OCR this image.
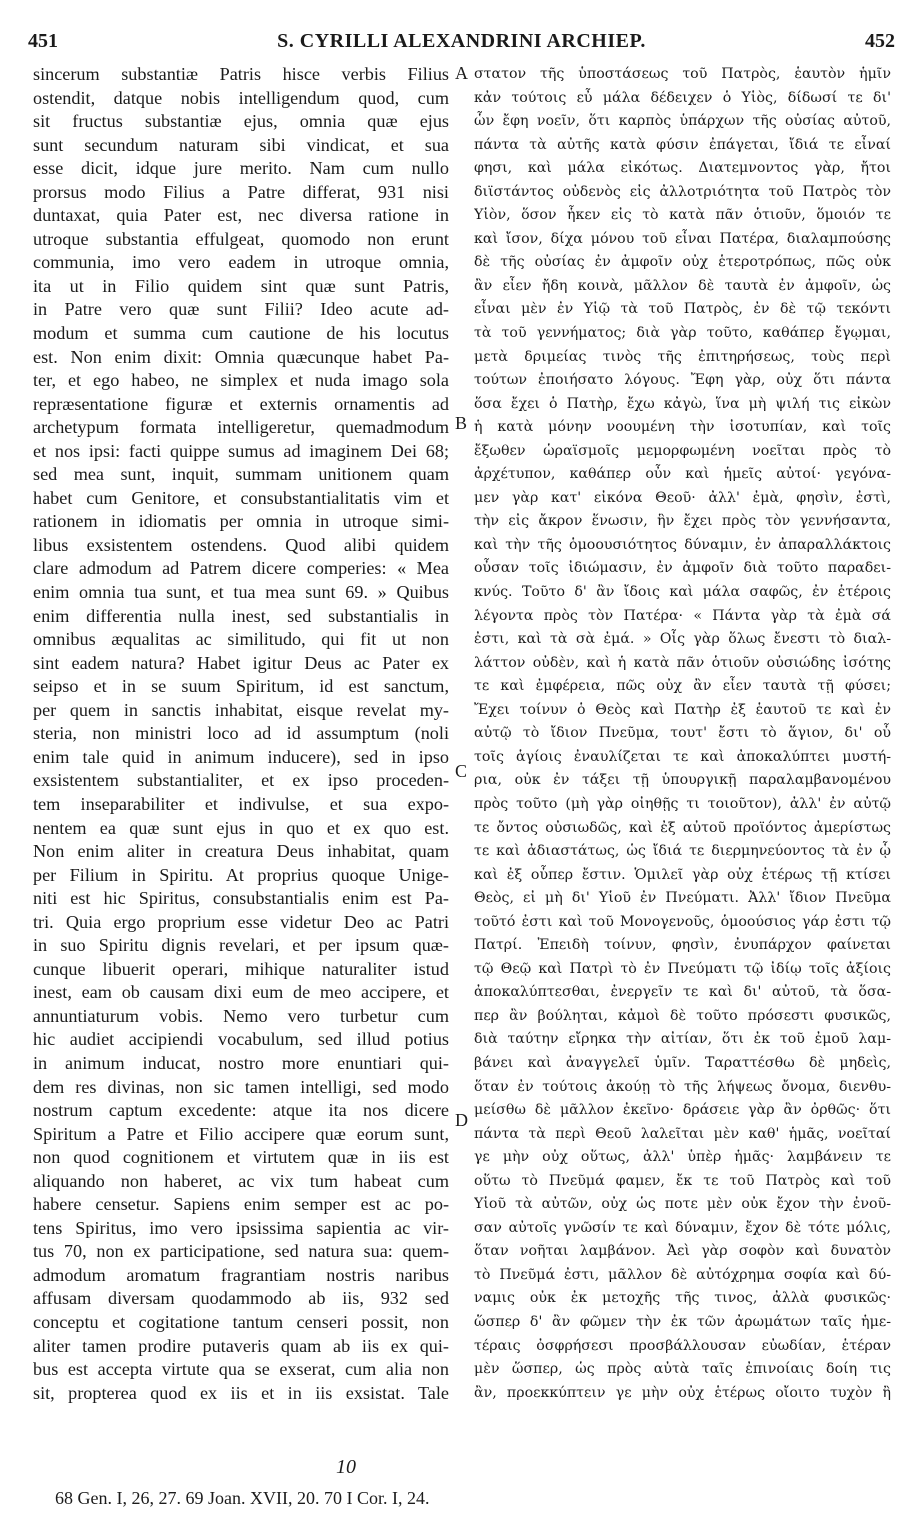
451	S. CYRILLI ALEXANDRINI ARCHIEP.	452
sincerum substantiæ Patris hisce verbis Filius
ostendit, datque nobis intelligendum quod, cum
sit fructus substantiæ ejus, omnia quæ ejus
sunt secundum naturam sibi vindicat, et sua
esse dicit, idque jure merito. Nam cum nullo
prorsus modo Filius a Patre differat, 931 nisi
duntaxat, quia Pater est, nec diversa ratione in
utroque substantia effulgeat, quomodo non erunt
communia, imo vero eadem in utroque omnia,
ita ut in Filio quidem sint quæ sunt Patris,
in Patre vero quæ sunt Filii? Ideo acute ad-
modum et summa cum cautione de his locutus
est. Non enim dixit: Omnia quæcunque habet Pa-
ter, et ego habeo, ne simplex et nuda imago sola
repræsentatione figuræ et externis ornamentis ad
archetypum formata intelligeretur, quemadmodum
et nos ipsi: facti quippe sumus ad imaginem Dei 68;
sed mea sunt, inquit, summam unitionem quam
habet cum Genitore, et consubstantialitatis vim et
rationem in idiomatis per omnia in utroque simi-
libus exsistentem ostendens. Quod alibi quidem
clare admodum ad Patrem dicere comperies: « Mea
enim omnia tua sunt, et tua mea sunt 69. » Quibus
enim differentia nulla inest, sed substantialis in
omnibus æqualitas ac similitudo, qui fit ut non
sint eadem natura? Habet igitur Deus ac Pater ex
seipso et in se suum Spiritum, id est sanctum,
per quem in sanctis inhabitat, eisque revelat my-
steria, non ministri loco ad id assumptum (noli
enim tale quid in animum inducere), sed in ipso
exsistentem substantialiter, et ex ipso proceden-
tem inseparabiliter et indivulse, et sua expo-
nentem ea quæ sunt ejus in quo et ex quo est.
Non enim aliter in creatura Deus inhabitat, quam
per Filium in Spiritu. At proprius quoque Unige-
niti est hic Spiritus, consubstantialis enim est Pa-
tri. Quia ergo proprium esse videtur Deo ac Patri
in suo Spiritu dignis revelari, et per ipsum quæ-
cunque libuerit operari, mihique naturaliter istud
inest, eam ob causam dixi eum de meo accipere, et
annuntiaturum vobis. Nemo vero turbetur cum
hic audiet accipiendi vocabulum, sed illud potius
in animum inducat, nostro more enuntiari qui-
dem res divinas, non sic tamen intelligi, sed modo
nostrum captum excedente: atque ita nos dicere
Spiritum a Patre et Filio accipere quæ eorum sunt,
non quod cognitionem et virtutem quæ in iis est
aliquando non haberet, ac vix tum habeat cum
habere censetur. Sapiens enim semper est ac po-
tens Spiritus, imo vero ipsissima sapientia ac vir-
tus 70, non ex participatione, sed natura sua: quem-
admodum aromatum fragrantiam nostris naribus
affusam diversam quodammodo ab iis, 932 sed
conceptu et cogitatione tantum censeri possit, non
aliter tamen prodire putaveris quam ab iis ex qui-
bus est accepta virtute qua se exserat, cum alia non
sit, propterea quod ex iis et in iis exsistat. Tale
στατον τῆς ὑποστάσεως τοῦ Πατρὸς, ἑαυτὸν ἡμῖν
κἀν τούτοις εὖ μάλα δέδειχεν ὁ Υἱὸς, δίδωσί τε δι'
ὧν ἔφη νοεῖν, ὅτι καρπὸς ὑπάρχων τῆς οὐσίας αὐτοῦ,
πάντα τὰ αὐτῆς κατὰ φύσιν ἐπάγεται, ἴδιά τε εἶναί
φησι, καὶ μάλα εἰκότως. Διατεμνοντος γὰρ, ἤτοι
διϊστάντος οὐδενὸς εἰς ἀλλοτριότητα τοῦ Πατρὸς τὸν
Υἱὸν, ὅσον ἧκεν εἰς τὸ κατὰ πᾶν ὁτιοῦν, ὅμοιόν τε
καὶ ἴσον, δίχα μόνου τοῦ εἶναι Πατέρα, διαλαμπούσης
δὲ τῆς οὐσίας ἐν ἀμφοῖν οὐχ ἑτεροτρόπως, πῶς οὐκ
ἂν εἶεν ἤδη κοινὰ, μᾶλλον δὲ ταυτὰ ἐν ἀμφοῖν, ὡς
εἶναι μὲν ἐν Υἱῷ τὰ τοῦ Πατρὸς, ἐν δὲ τῷ τεκόντι
τὰ τοῦ γεννήματος; διὰ γὰρ τοῦτο, καθάπερ ἔγῳμαι,
μετὰ δριμείας τινὸς τῆς ἐπιτηρήσεως, τοὺς περὶ
τούτων ἐποιήσατο λόγους. Ἔφη γὰρ, οὐχ ὅτι πάντα
ὅσα ἔχει ὁ Πατὴρ, ἔχω κἀγὼ, ἵνα μὴ ψιλή τις εἰκὼν
ἡ κατὰ μόνην νοουμένη τὴν ἰσοτυπίαν, καὶ τοῖς
ἔξωθεν ὡραϊσμοῖς μεμορφωμένη νοεῖται πρὸς τὸ
ἀρχέτυπον, καθάπερ οὖν καὶ ἡμεῖς αὐτοί· γεγόνα-
μεν γὰρ κατ' εἰκόνα Θεοῦ· ἀλλ' ἐμὰ, φησὶν, ἐστὶ,
τὴν εἰς ἄκρον ἕνωσιν, ἣν ἔχει πρὸς τὸν γεννήσαντα,
καὶ τὴν τῆς ὁμοουσιότητος δύναμιν, ἐν ἀπαραλλάκτοις
οὖσαν τοῖς ἰδιώμασιν, ἐν ἀμφοῖν διὰ τοῦτο παραδει-
κνύς. Τοῦτο δ' ἂν ἴδοις καὶ μάλα σαφῶς, ἐν ἑτέροις
λέγοντα πρὸς τὸν Πατέρα· « Πάντα γὰρ τὰ ἐμὰ σά
ἐστι, καὶ τὰ σὰ ἐμά. » Οἷς γὰρ ὅλως ἔνεστι τὸ διαλ-
λάττον οὐδὲν, καὶ ἡ κατὰ πᾶν ὁτιοῦν οὐσιώδης ἰσότης
τε καὶ ἐμφέρεια, πῶς οὐχ ἂν εἶεν ταυτὰ τῇ φύσει;
Ἔχει τοίνυν ὁ Θεὸς καὶ Πατὴρ ἐξ ἑαυτοῦ τε καὶ ἐν
αὐτῷ τὸ ἴδιον Πνεῦμα, τουτ' ἔστι τὸ ἅγιον, δι' οὗ
τοῖς ἁγίοις ἐναυλίζεται τε καὶ ἀποκαλύπτει μυστή-
ρια, οὐκ ἐν τάξει τῇ ὑπουργικῇ παραλαμβανομένου
πρὸς τοῦτο (μὴ γὰρ οἰηθῇς τι τοιοῦτον), ἀλλ' ἐν αὐτῷ
τε ὄντος οὐσιωδῶς, καὶ ἐξ αὐτοῦ προϊόντος ἀμερίστως
τε καὶ ἀδιαστάτως, ὡς ἴδιά τε διερμηνεύοντος τὰ ἐν ᾧ
καὶ ἐξ οὗπερ ἔστιν. Ὁμιλεῖ γὰρ οὐχ ἑτέρως τῇ κτίσει
Θεὸς, εἰ μὴ δι' Υἱοῦ ἐν Πνεύματι. Ἀλλ' ἴδιον Πνεῦμα
τοῦτό ἐστι καὶ τοῦ Μονογενοῦς, ὁμοούσιος γάρ ἐστι τῷ
Πατρί. Ἐπειδὴ τοίνυν, φησὶν, ἐνυπάρχον φαίνεται
τῷ Θεῷ καὶ Πατρὶ τὸ ἐν Πνεύματι τῷ ἰδίῳ τοῖς ἀξίοις
ἀποκαλύπτεσθαι, ἐνεργεῖν τε καὶ δι' αὐτοῦ, τὰ ὅσα-
περ ἂν βούληται, κἀμοὶ δὲ τοῦτο πρόσεστι φυσικῶς,
διὰ ταύτην εἴρηκα τὴν αἰτίαν, ὅτι ἐκ τοῦ ἐμοῦ λαμ-
βάνει καὶ ἀναγγελεῖ ὑμῖν. Ταραττέσθω δὲ μηδεὶς,
ὅταν ἐν τούτοις ἀκούῃ τὸ τῆς λήψεως ὄνομα, διενθυ-
μείσθω δὲ μᾶλλον ἐκεῖνο· δράσειε γὰρ ἂν ὀρθῶς· ὅτι
πάντα τὰ περὶ Θεοῦ λαλεῖται μὲν καθ' ἡμᾶς, νοεῖταί
γε μὴν οὐχ οὕτως, ἀλλ' ὑπὲρ ἡμᾶς· λαμβάνειν τε
οὕτω τὸ Πνεῦμά φαμεν, ἔκ τε τοῦ Πατρὸς καὶ τοῦ
Υἱοῦ τὰ αὐτῶν, οὐχ ὡς ποτε μὲν οὐκ ἔχον τὴν ἐνοῦ-
σαν αὐτοῖς γνῶσίν τε καὶ δύναμιν, ἔχον δὲ τότε μόλις,
ὅταν νοῆται λαμβάνον. Ἀεὶ γὰρ σοφὸν καὶ δυνατὸν
τὸ Πνεῦμά ἐστι, μᾶλλον δὲ αὐτόχρημα σοφία καὶ δύ-
ναμις οὐκ ἐκ μετοχῆς τῆς τινος, ἀλλὰ φυσικῶς·
ὥσπερ δ' ἂν φῶμεν τὴν ἐκ τῶν ἀρωμάτων ταῖς ἡμε-
τέραις ὀσφρήσεσι προσβάλλουσαν εὐωδίαν, ἑτέραν
μὲν ὥσπερ, ὡς πρὸς αὐτὰ ταῖς ἐπινοίαις δοίη τις
ἂν, προεκκύπτειν γε μὴν οὐχ ἑτέρως οἴοιτο τυχὸν ἢ
A
B
C
D
10
68 Gen. I, 26, 27. 69 Joan. XVII, 20. 70 I Cor. I, 24.
